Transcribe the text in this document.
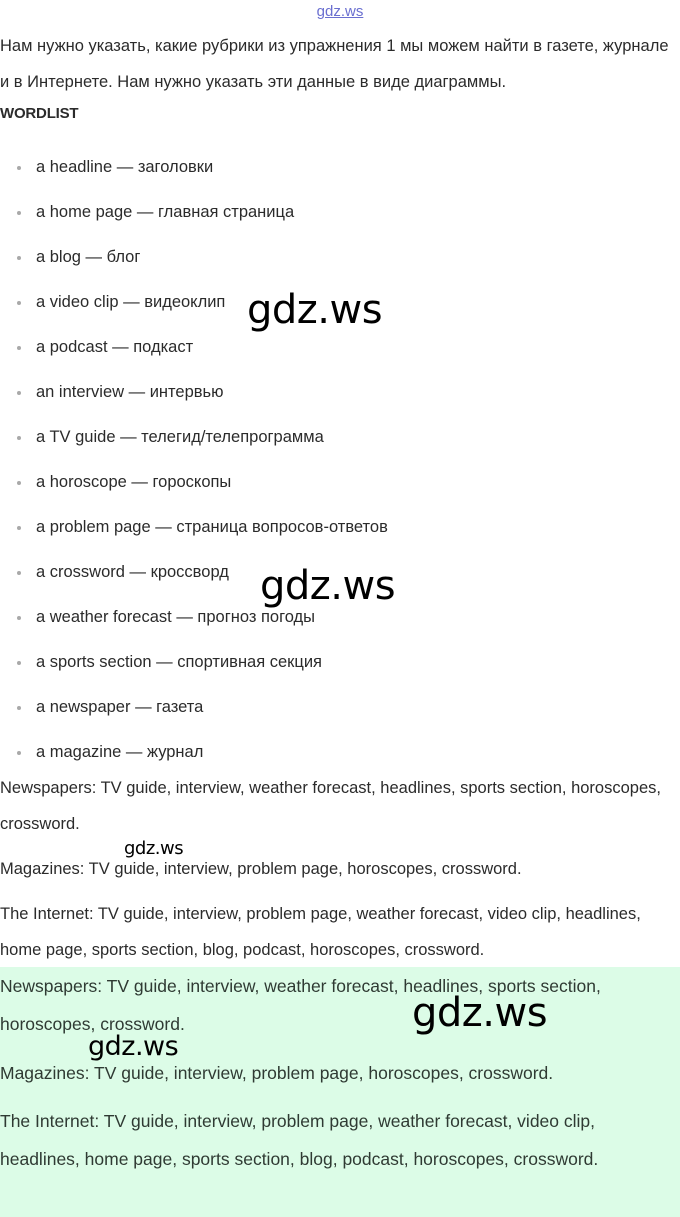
gdz.ws

Нам нужно указать, какие рубрики из упражнения 1 мы можем найти в газете, журнале и в Интернете. Нам нужно указать эти данные в виде диаграммы.

WORDLIST
a headline — заголовки
a home page — главная страница
a blog — блог
a video clip — видеоклип
a podcast — подкаст
an interview — интервью
a TV guide — телегид/телепрограмма
a horoscope — гороскопы
a problem page — страница вопросов-ответов
a crossword — кроссворд
a weather forecast — прогноз погоды
a sports section — спортивная секция
a newspaper — газета
a magazine — журнал

Newspapers: TV guide, interview, weather forecast, headlines, sports section, horoscopes, crossword.

Magazines: TV guide, interview, problem page, horoscopes, crossword.

The Internet: TV guide, interview, problem page, weather forecast, video clip, headlines, home page, sports section, blog, podcast, horoscopes, crossword.

Newspapers: TV guide, interview, weather forecast, headlines, sports section, horoscopes, crossword.

Magazines: TV guide, interview, problem page, horoscopes, crossword.

The Internet: TV guide, interview, problem page, weather forecast, video clip, headlines, home page, sports section, blog, podcast, horoscopes, crossword.

gdz.ws
gdz.ws
gdz.ws
gdz.ws
gdz.ws
